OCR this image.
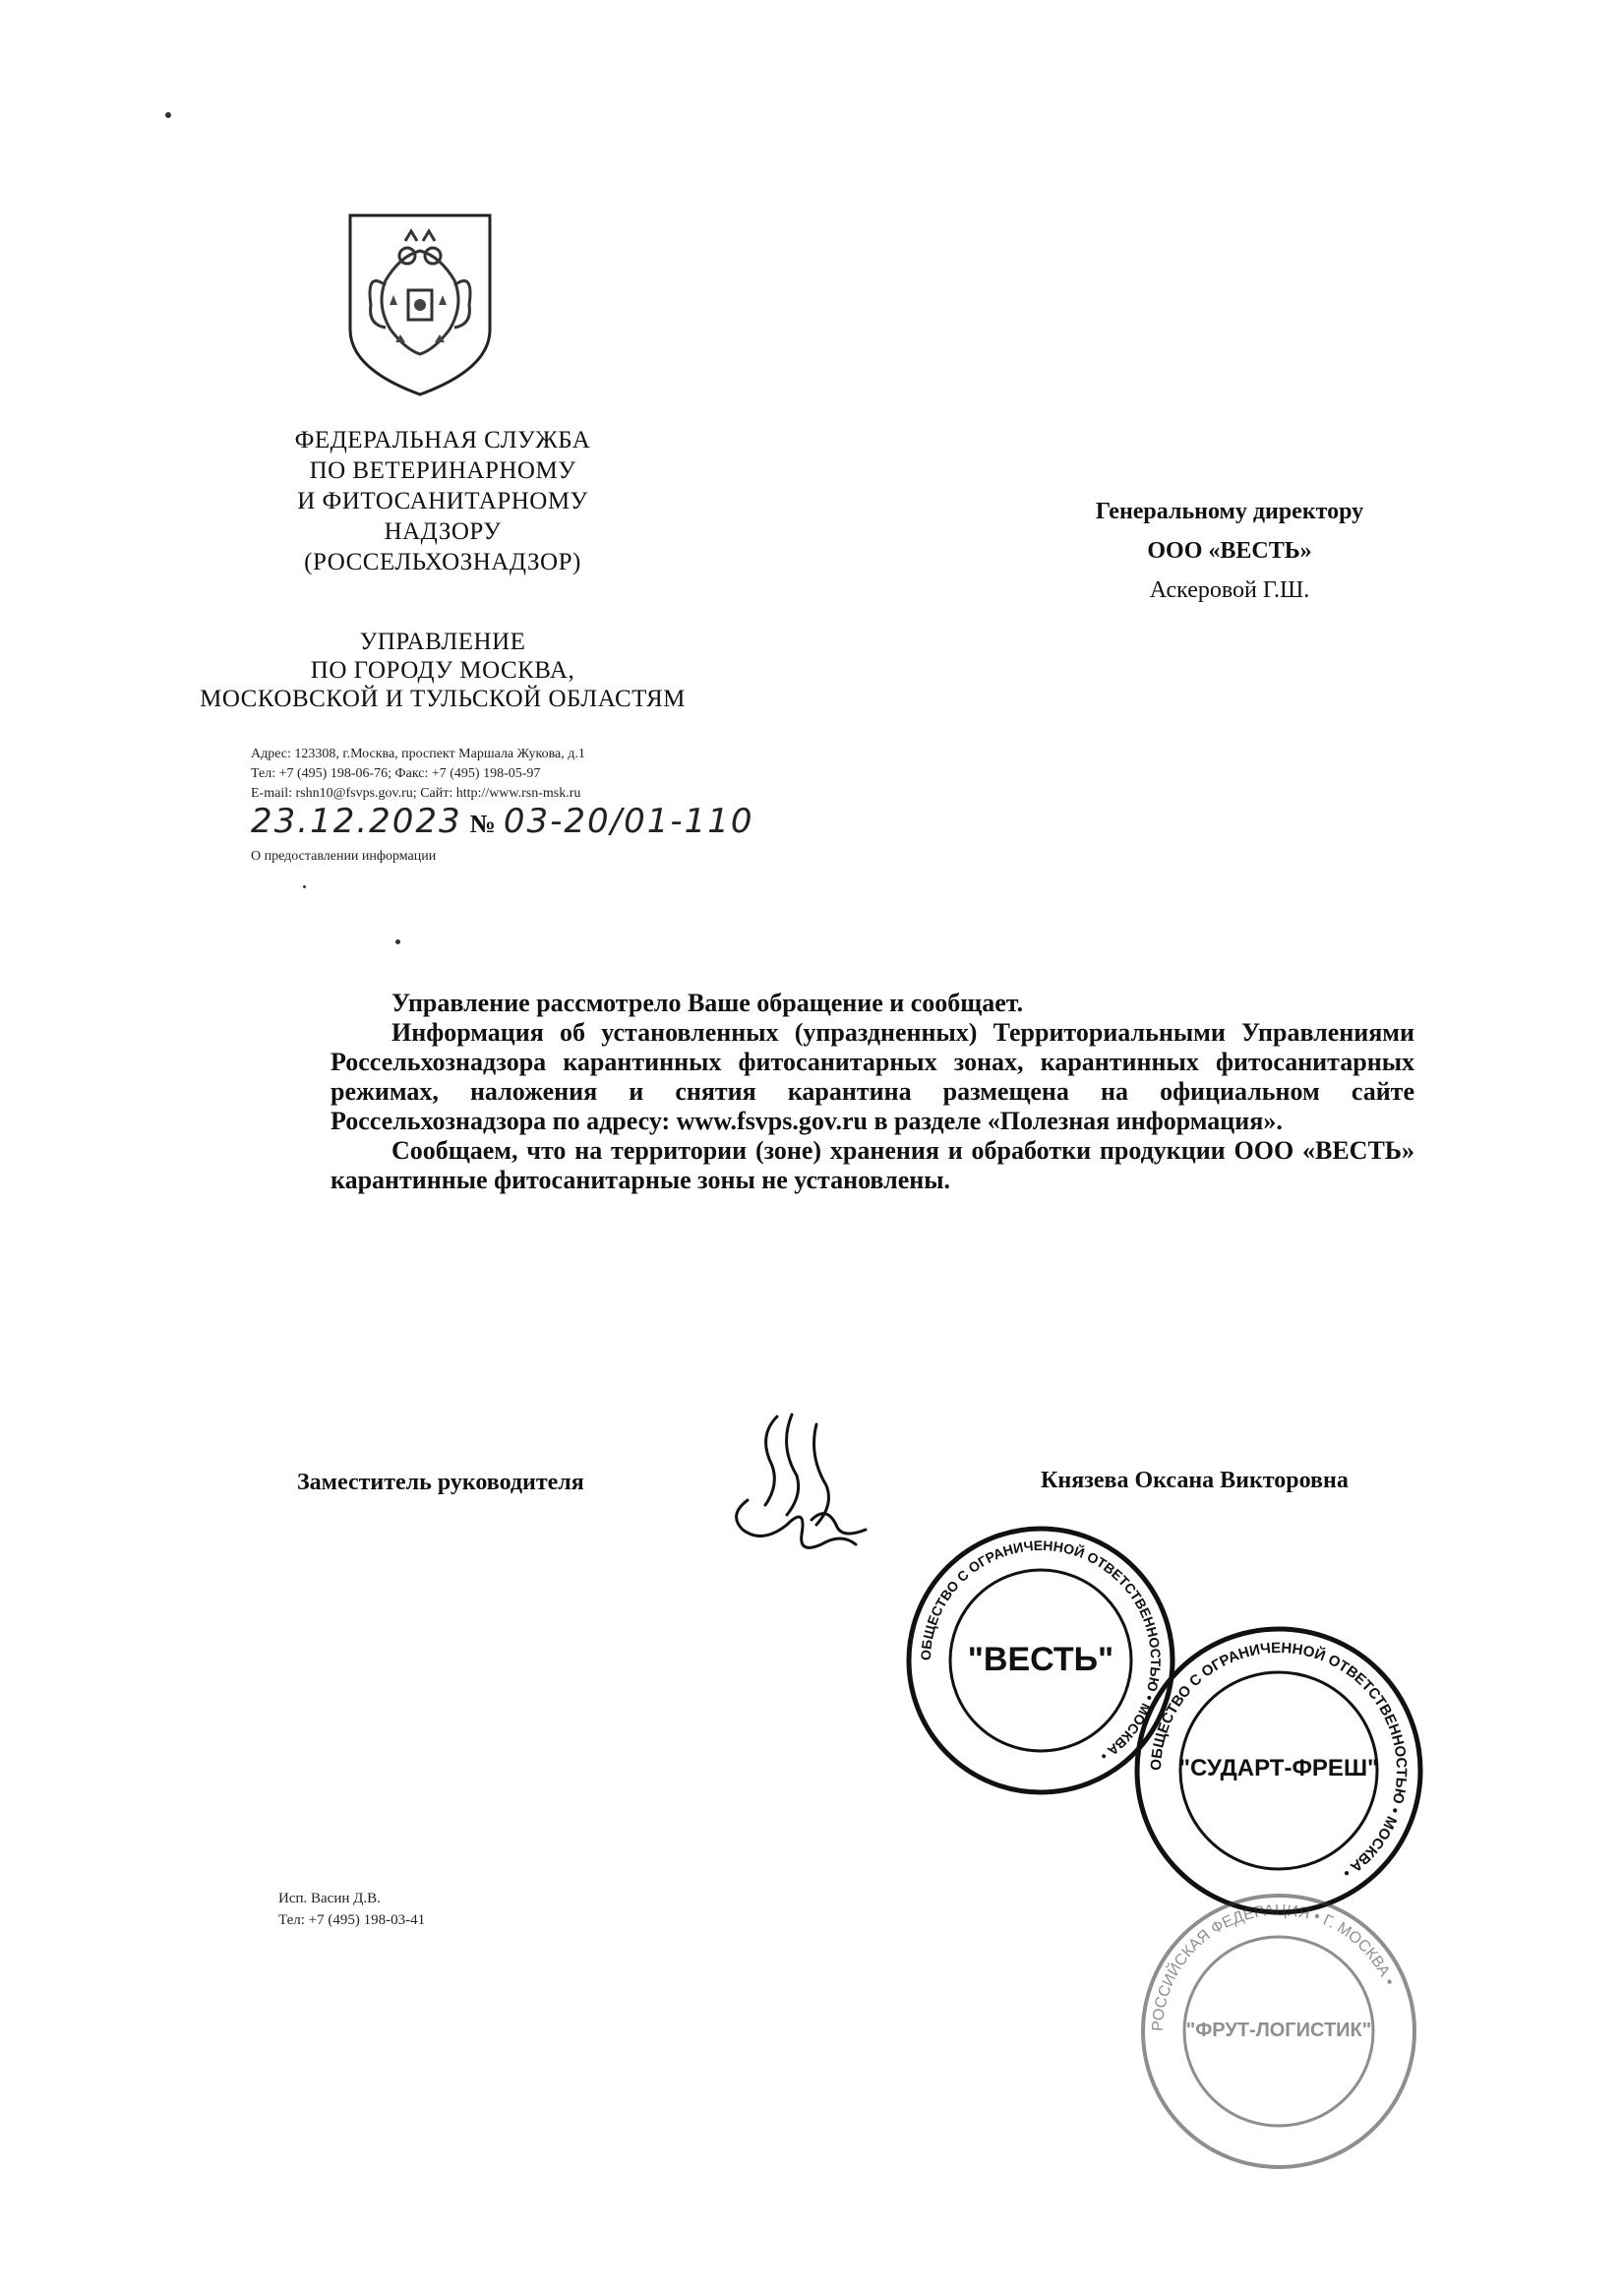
ФЕДЕРАЛЬНАЯ СЛУЖБА
ПО ВЕТЕРИНАРНОМУ
И ФИТОСАНИТАРНОМУ
НАДЗОРУ
(РОССЕЛЬХОЗНАДЗОР)
УПРАВЛЕНИЕ
ПО ГОРОДУ МОСКВА,
МОСКОВСКОЙ И ТУЛЬСКОЙ ОБЛАСТЯМ
Адрес: 123308, г.Москва, проспект Маршала Жукова, д.1
Тел: +7 (495) 198-06-76; Факс: +7 (495) 198-05-97
E-mail: rshn10@fsvps.gov.ru; Сайт: http://www.rsn-msk.ru
23.12.2023 № 03-20/01-110
О предоставлении информации
Генеральному директору
ООО «ВЕСТЬ»
Аскеровой Г.Ш.

Управление рассмотрело Ваше обращение и сообщает.

Информация об установленных (упраздненных) Территориальными Управлениями Россельхознадзора карантинных фитосанитарных зонах, карантинных фитосанитарных режимах, наложения и снятия карантина размещена на официальном сайте Россельхознадзора по адресу: www.fsvps.gov.ru в разделе «Полезная информация».

Сообщаем, что на территории (зоне) хранения и обработки продукции ООО «ВЕСТЬ» карантинные фитосанитарные зоны не установлены.

Заместитель руководителя	Князева Оксана Викторовна
ОБЩЕСТВО С ОГРАНИЧЕННОЙ ОТВЕТСТВЕННОСТЬЮ • МОСКВА •
"ВЕСТЬ"
ОБЩЕСТВО С ОГРАНИЧЕННОЙ ОТВЕТСТВЕННОСТЬЮ • МОСКВА •
"СУДАРТ-ФРЕШ"
РОССИЙСКАЯ ФЕДЕРАЦИЯ • Г. МОСКВА •
"ФРУТ-ЛОГИСТИК"
Исп. Васин Д.В.
Тел: +7 (495) 198-03-41
